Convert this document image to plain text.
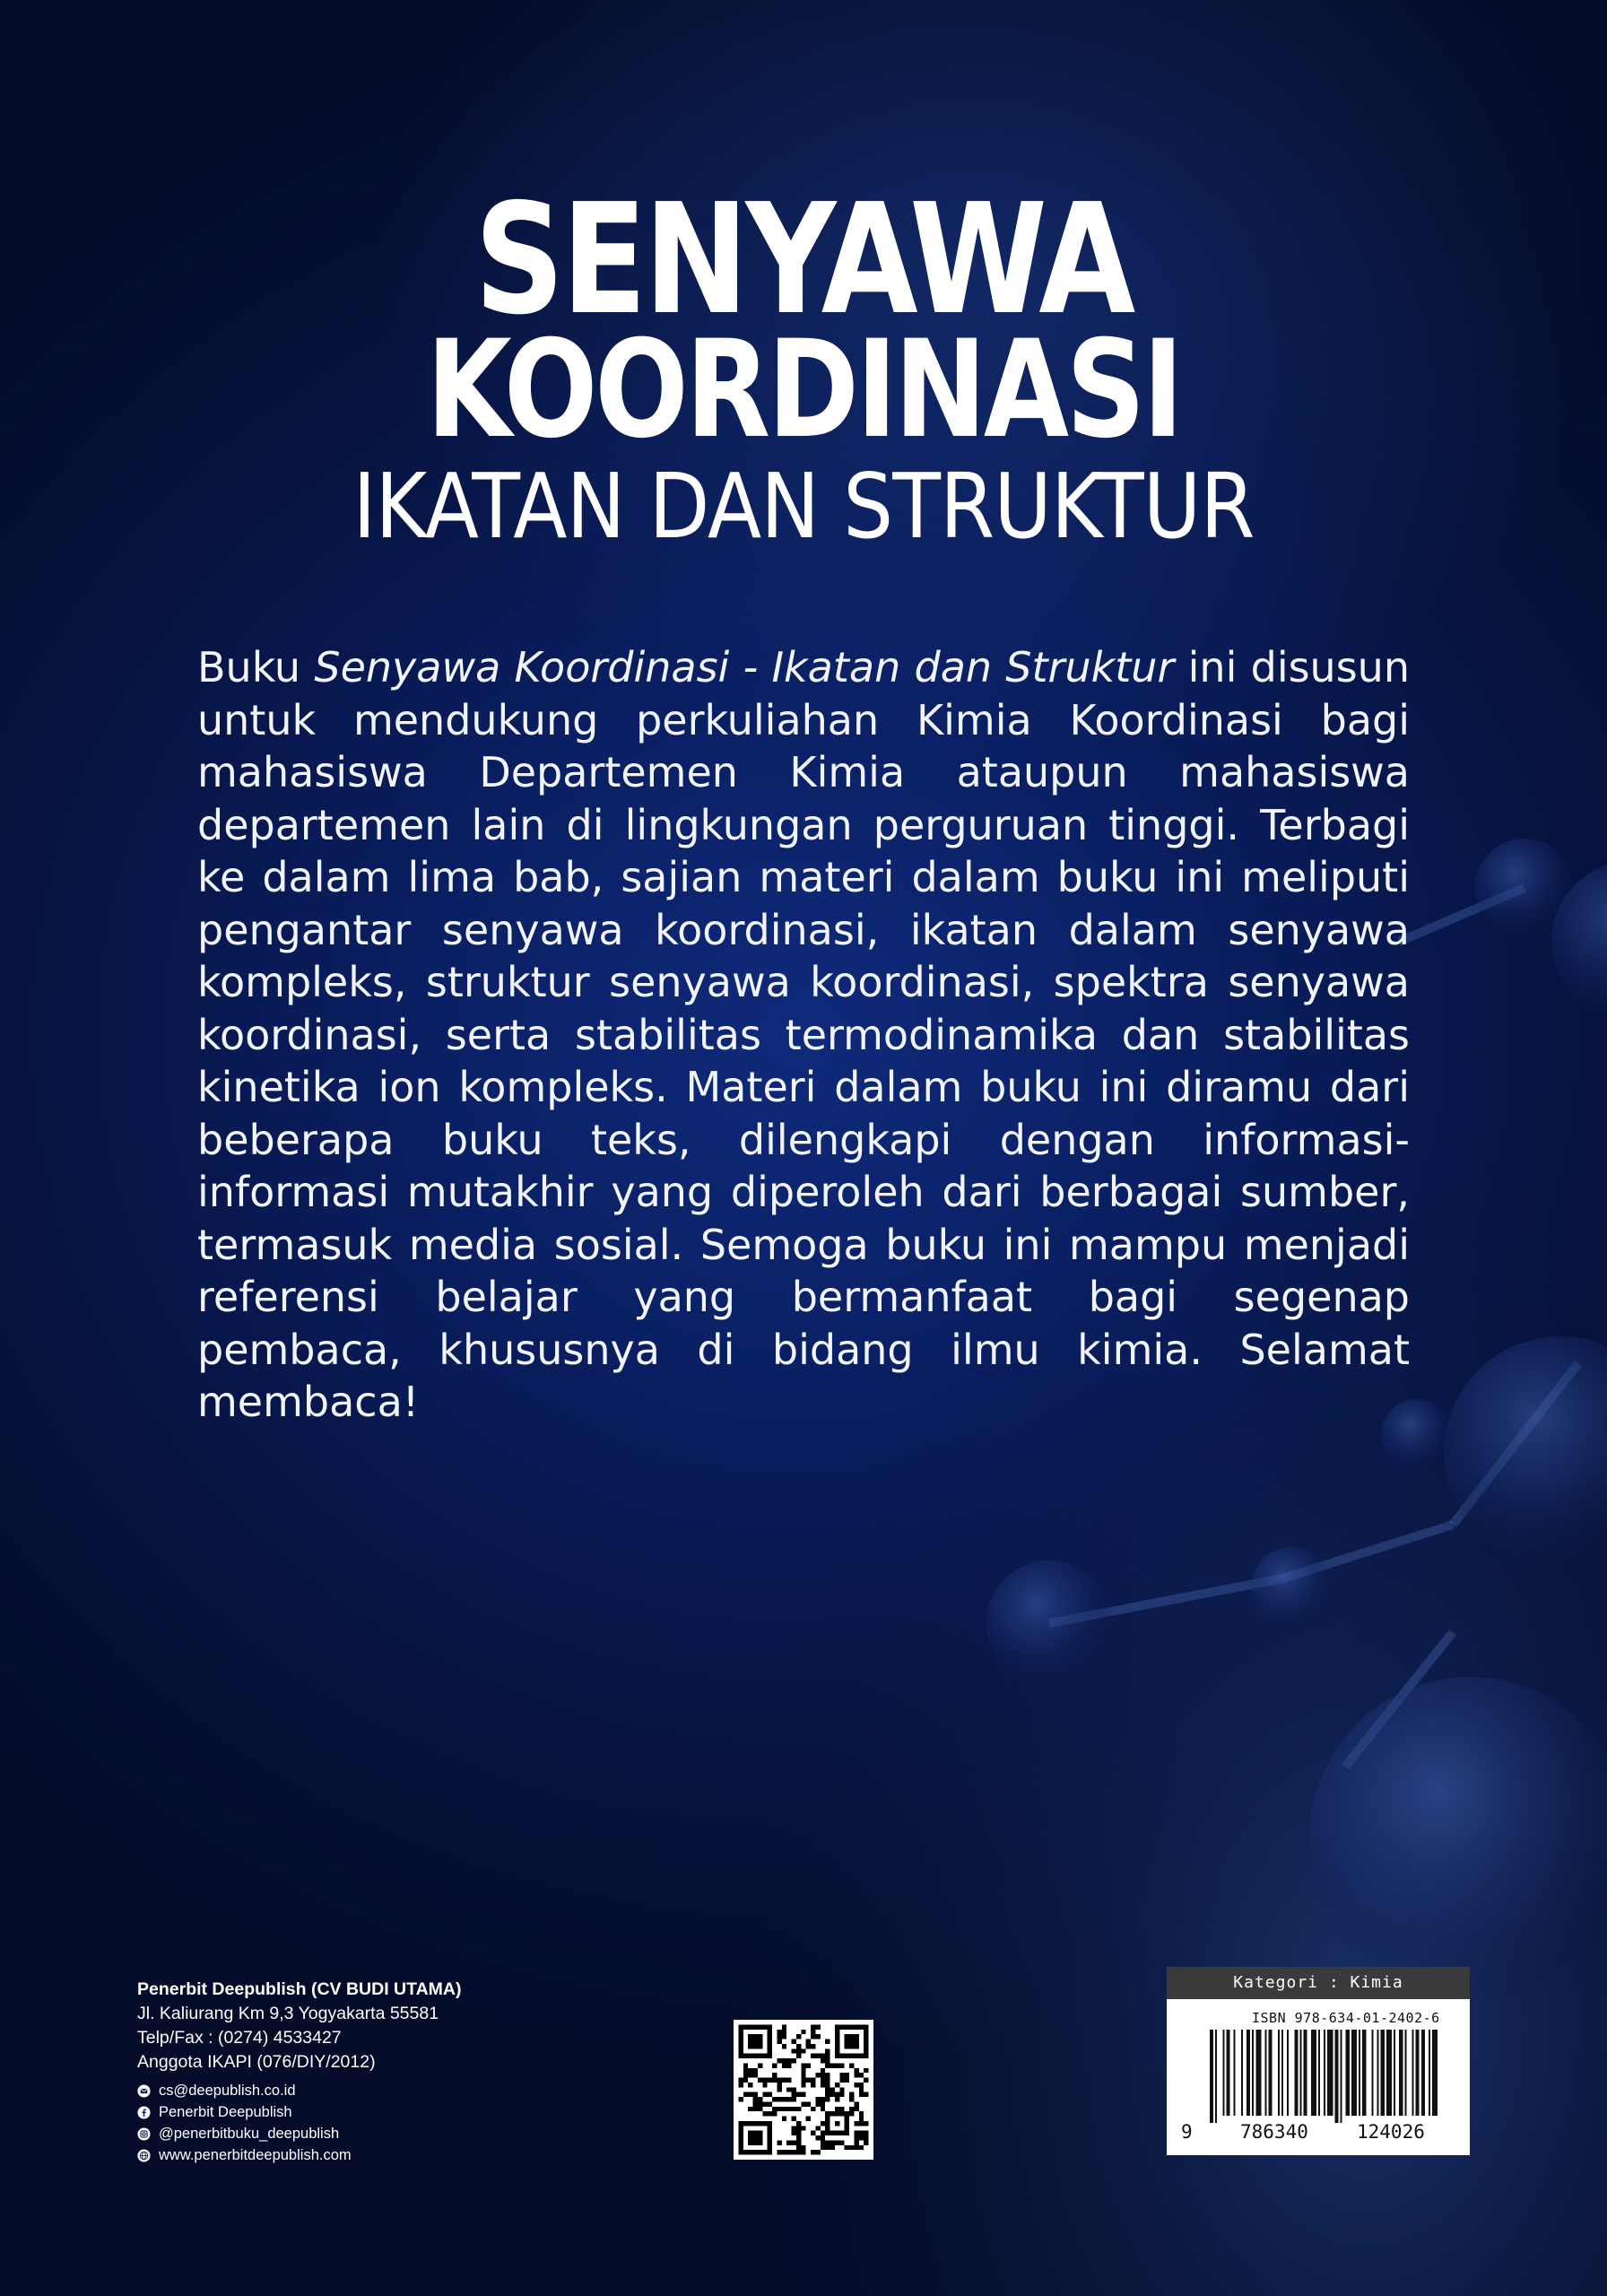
SENYAWA
KOORDINASI
IKATAN DAN STRUKTUR

Buku Senyawa Koordinasi - Ikatan dan Struktur ini disusun untuk mendukung perkuliahan Kimia Koordinasi bagi mahasiswa Departemen Kimia ataupun mahasiswa departemen lain di lingkungan perguruan tinggi. Terbagi ke dalam lima bab, sajian materi dalam buku ini meliputi pengantar senyawa koordinasi, ikatan dalam senyawa kompleks, struktur senyawa koordinasi, spektra senyawa koordinasi, serta stabilitas termodinamika dan stabilitas kinetika ion kompleks. Materi dalam buku ini diramu dari beberapa buku teks, dilengkapi dengan informasi-informasi mutakhir yang diperoleh dari berbagai sumber, termasuk media sosial. Semoga buku ini mampu menjadi referensi belajar yang bermanfaat bagi segenap pembaca, khususnya di bidang ilmu kimia. Selamat membaca!

Penerbit Deepublish (CV BUDI UTAMA)
Jl. Kaliurang Km 9,3 Yogyakarta 55581
Telp/Fax : (0274) 4533427
Anggota IKAPI (076/DIY/2012)
cs@deepublish.co.id
Penerbit Deepublish
@penerbitbuku_deepublish
www.penerbitdeepublish.com
Kategori : Kimia
ISBN 978-634-01-2402-6
9	786340	124026
